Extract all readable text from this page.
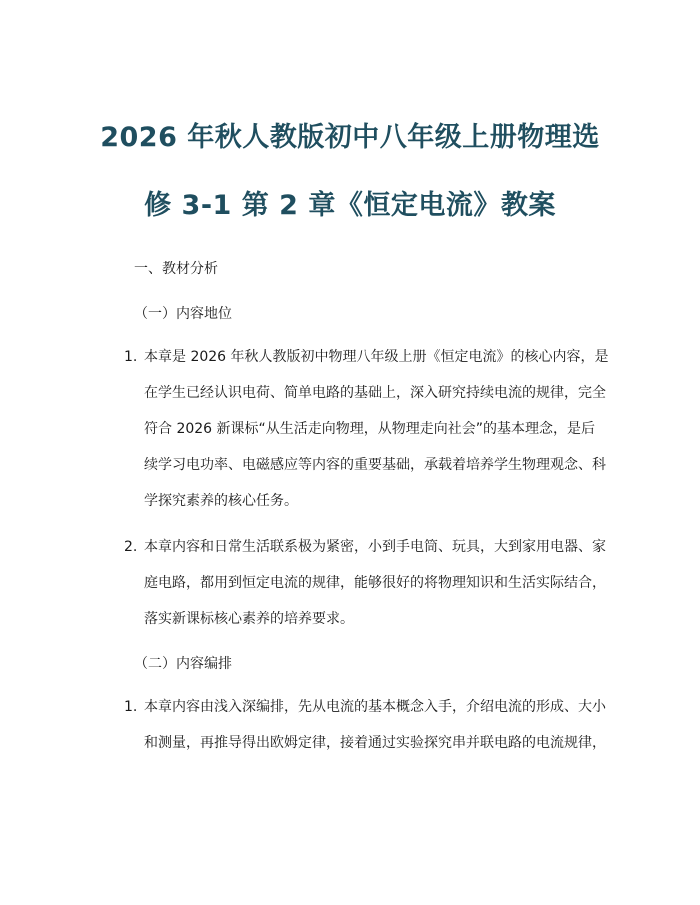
2026 年秋人教版初中八年级上册物理选
修 3-1 第 2 章《恒定电流》教案
一、教材分析
（一）内容地位
1. 本章是 2026 年秋人教版初中物理八年级上册《恒定电流》的核心内容，是
在学生已经认识电荷、简单电路的基础上，深入研究持续电流的规律，完全
符合 2026 新课标“从生活走向物理，从物理走向社会”的基本理念，是后
续学习电功率、电磁感应等内容的重要基础，承载着培养学生物理观念、科
学探究素养的核心任务。
2. 本章内容和日常生活联系极为紧密，小到手电筒、玩具，大到家用电器、家
庭电路，都用到恒定电流的规律，能够很好的将物理知识和生活实际结合，
落实新课标核心素养的培养要求。
（二）内容编排
1. 本章内容由浅入深编排，先从电流的基本概念入手，介绍电流的形成、大小
和测量，再推导得出欧姆定律，接着通过实验探究串并联电路的电流规律，
